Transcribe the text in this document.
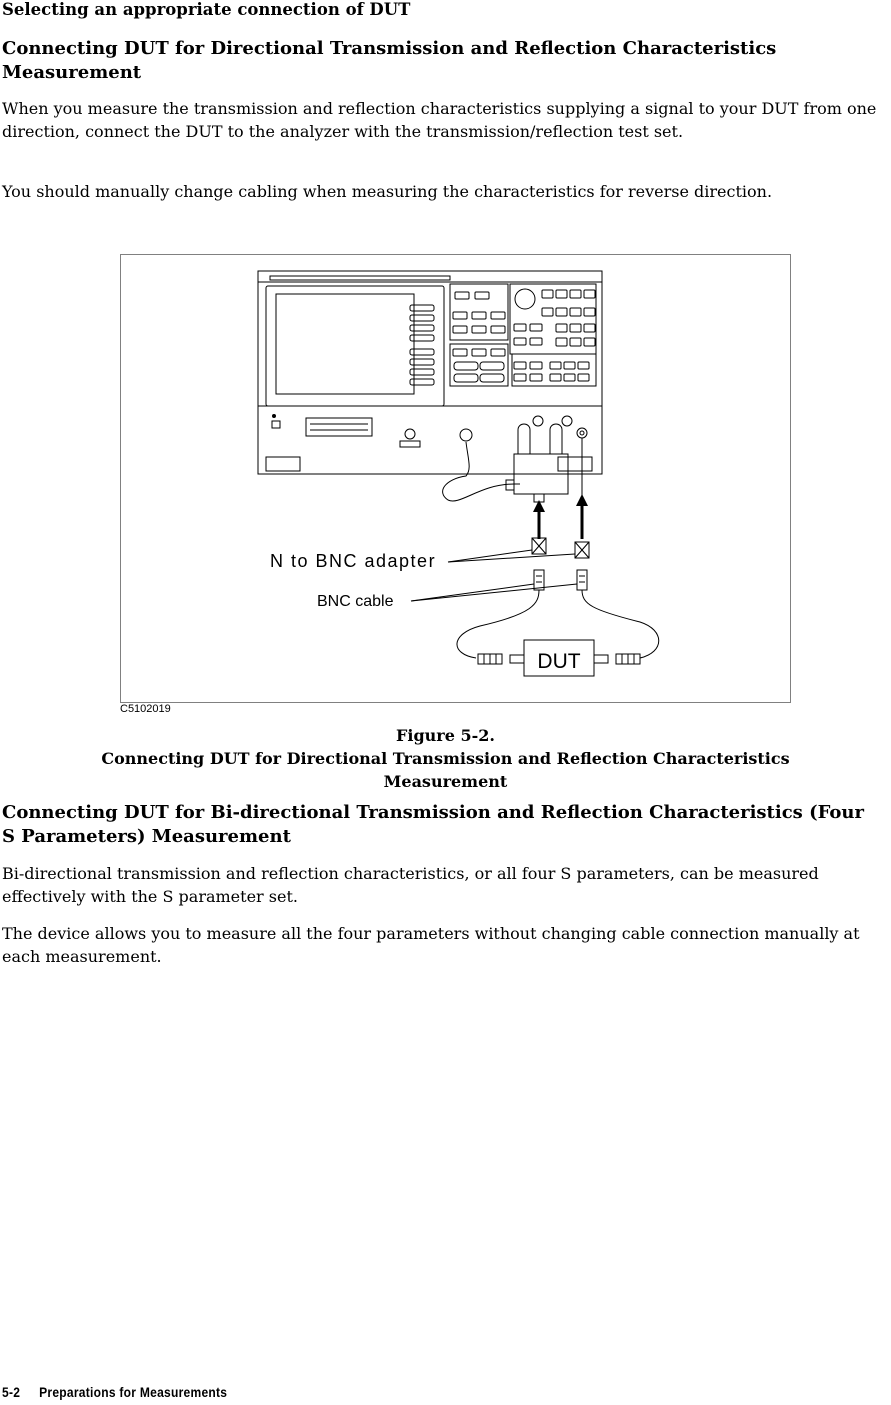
Selecting an appropriate connection of DUT
Connecting DUT for Directional Transmission and Reflection Characteristics Measurement
When you measure the transmission and reflection characteristics supplying a signal to your DUT from one direction, connect the DUT to the analyzer with the transmission/reflection test set.
You should manually change cabling when measuring the characteristics for reverse direction.
N to BNC adapter
BNC cable
DUT
C5102019
Figure 5-2.
Connecting DUT for Directional Transmission and Reflection Characteristics Measurement
Connecting DUT for Bi-directional Transmission and Reflection Characteristics (Four S Parameters) Measurement
Bi-directional transmission and reflection characteristics, or all four S parameters, can be measured effectively with the S parameter set.
The device allows you to measure all the four parameters without changing cable connection manually at each measurement.
5-2 Preparations for Measurements
